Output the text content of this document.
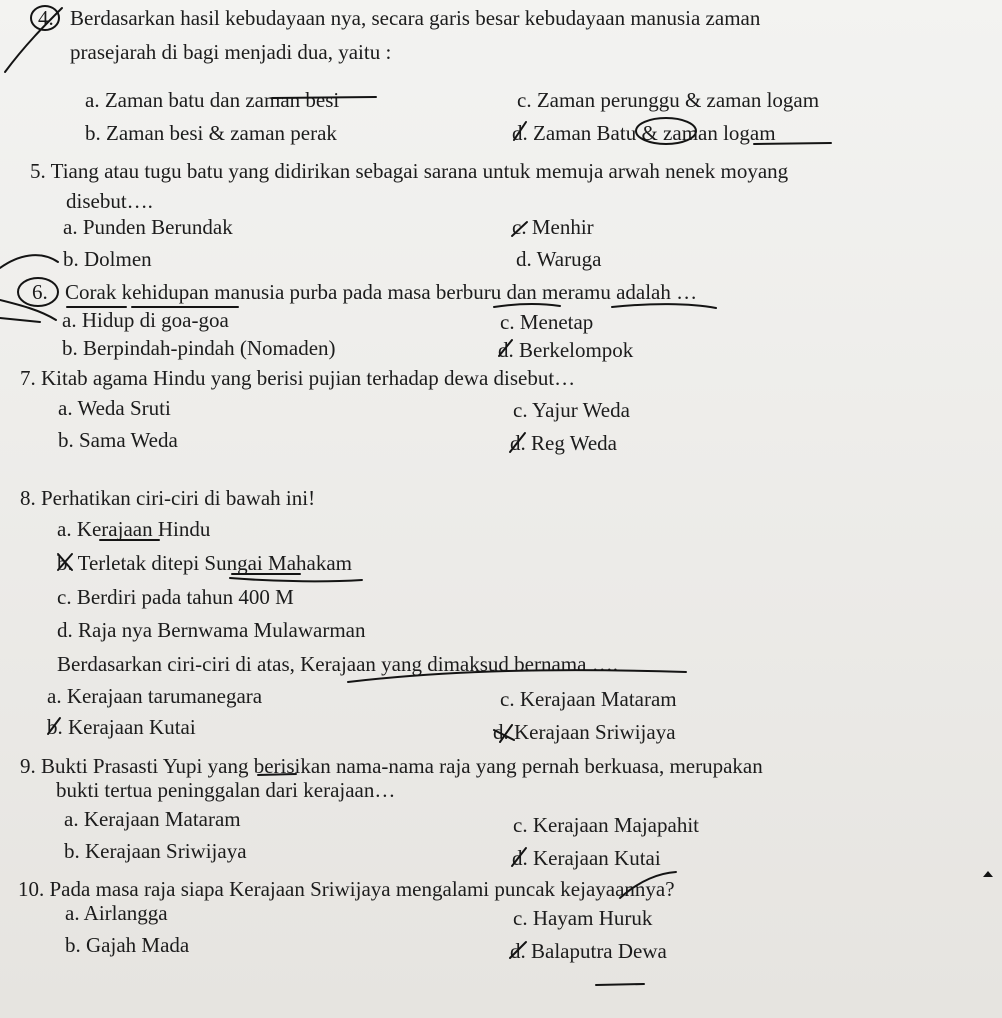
4. Berdasarkan hasil kebudayaan nya, secara garis besar kebudayaan manusia zaman
prasejarah di bagi menjadi dua, yaitu :
a. Zaman batu dan zaman besi
b. Zaman besi & zaman perak
c. Zaman perunggu & zaman logam
d. Zaman Batu & zaman logam
5. Tiang atau tugu batu yang didirikan sebagai sarana untuk memuja arwah nenek moyang
disebut….
a. Punden Berundak
b. Dolmen
c. Menhir
d. Waruga
6. Corak kehidupan manusia purba pada masa berburu dan meramu adalah …
a. Hidup di goa-goa
b. Berpindah-pindah (Nomaden)
c. Menetap
d. Berkelompok
7. Kitab agama Hindu yang berisi pujian terhadap dewa disebut…
a. Weda Sruti
b. Sama Weda
c. Yajur Weda
d. Reg Weda
8. Perhatikan ciri-ciri di bawah ini!
a. Kerajaan Hindu
b. Terletak ditepi Sungai Mahakam
c. Berdiri pada tahun 400 M
d. Raja nya Bernwama Mulawarman
Berdasarkan ciri-ciri di atas, Kerajaan yang dimaksud bernama ….
a. Kerajaan tarumanegara
b. Kerajaan Kutai
c. Kerajaan Mataram
d. Kerajaan Sriwijaya
9. Bukti Prasasti Yupi yang berisikan nama-nama raja yang pernah berkuasa, merupakan
bukti tertua peninggalan dari kerajaan…
a. Kerajaan Mataram
b. Kerajaan Sriwijaya
c. Kerajaan Majapahit
d. Kerajaan Kutai
10. Pada masa raja siapa Kerajaan Sriwijaya mengalami puncak kejayaannya?
a. Airlangga
b. Gajah Mada
c. Hayam Huruk
d. Balaputra Dewa
